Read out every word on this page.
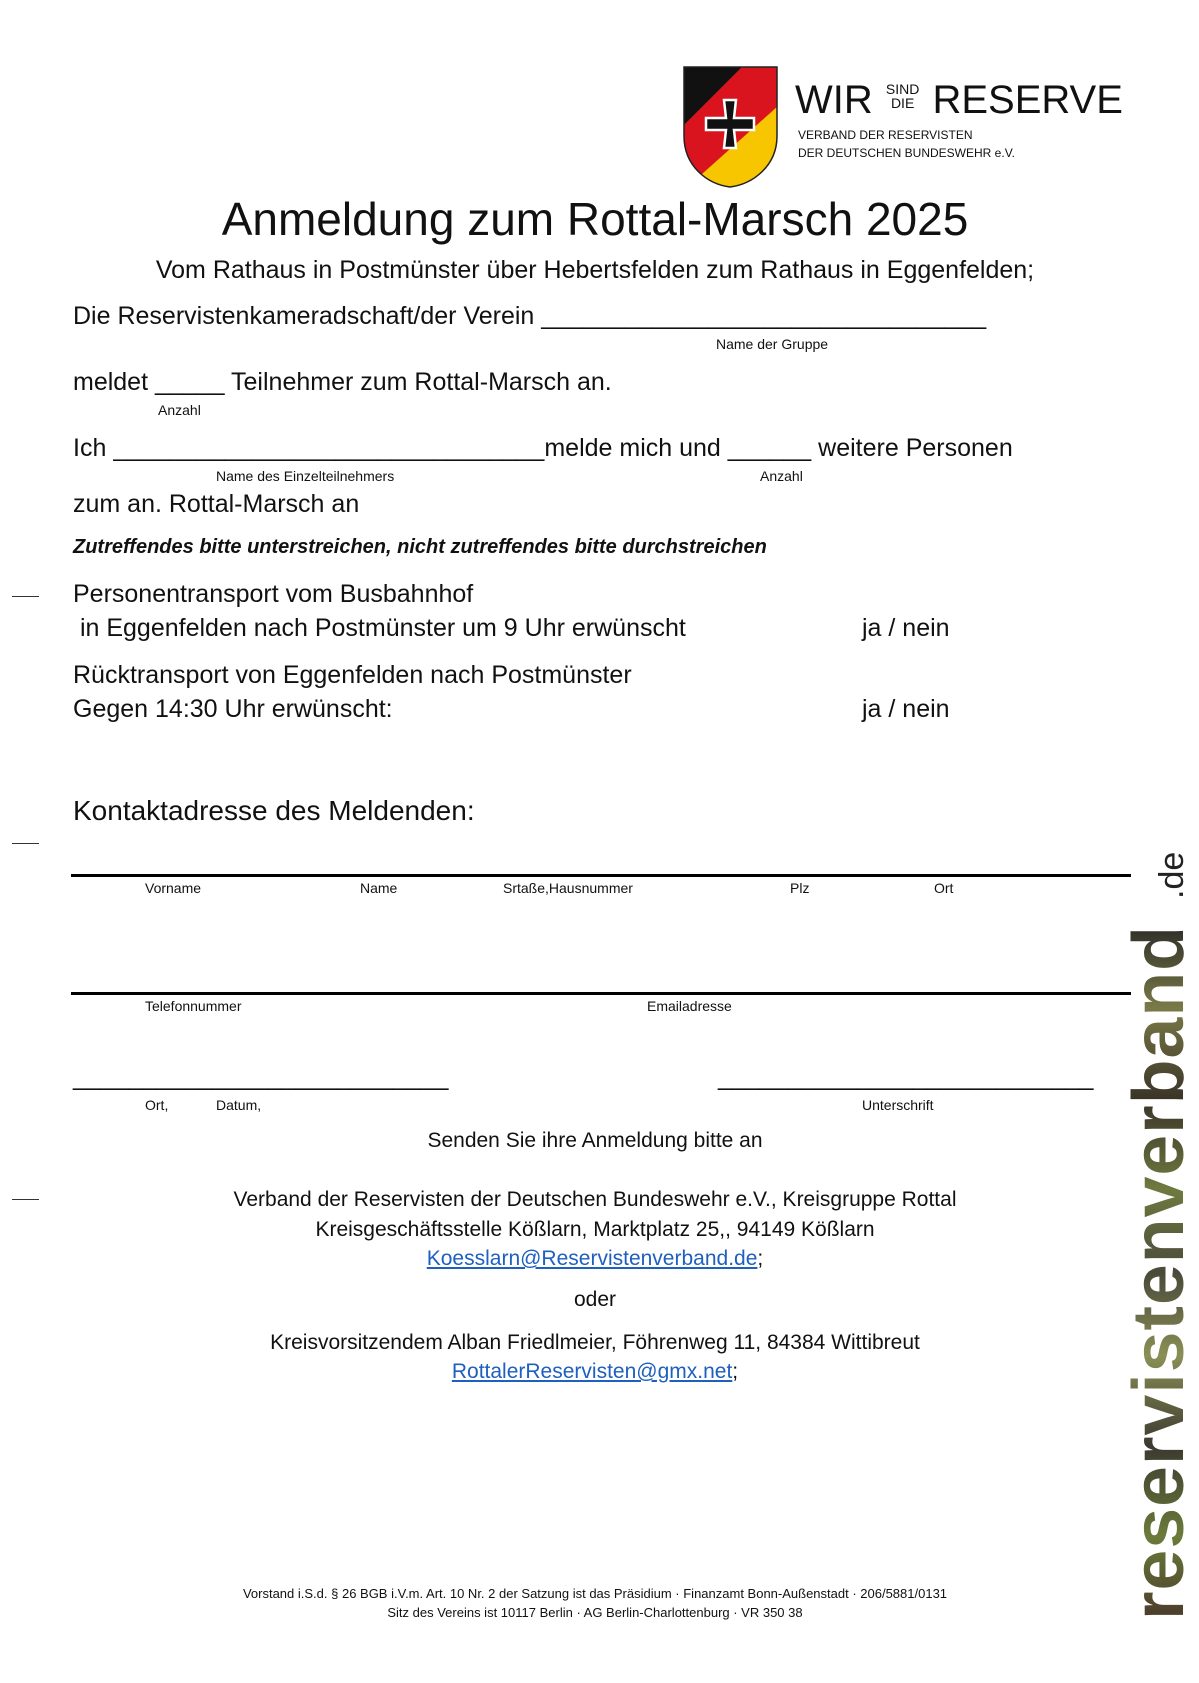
WIR SIND
DIE RESERVE
VERBAND DER RESERVISTEN
DER DEUTSCHEN BUNDESWEHR e.V.
Anmeldung zum Rottal-Marsch 2025
Vom Rathaus in Postmünster über Hebertsfelden zum Rathaus in Eggenfelden;
Die Reservistenkameradschaft/der Verein ________________________________
Name der Gruppe
meldet _____ Teilnehmer zum Rottal-Marsch an.
Anzahl
Ich _______________________________melde mich und ______ weitere Personen
Name des Einzelteilnehmers	Anzahl
zum an. Rottal-Marsch an
Zutreffendes bitte unterstreichen, nicht zutreffendes bitte durchstreichen
Personentransport vom Busbahnhof
in Eggenfelden nach Postmünster um 9 Uhr erwünscht	ja / nein
Rücktransport von Eggenfelden nach Postmünster
Gegen 14:30 Uhr erwünscht:	ja / nein
Kontaktadresse des Meldenden:
Vorname	Name	Srtaße,Hausnummer	Plz	Ort
Telefonnummer	Emailadresse
___________________________	___________________________
Ort,	Datum,	Unterschrift
Senden Sie ihre Anmeldung bitte an
Verband der Reservisten der Deutschen Bundeswehr e.V., Kreisgruppe Rottal
Kreisgeschäftsstelle Kößlarn, Marktplatz 25,, 94149 Kößlarn
Koesslarn@Reservistenverband.de;
oder
Kreisvorsitzendem Alban Friedlmeier, Föhrenweg 11, 84384 Wittibreut
RottalerReservisten@gmx.net;
Vorstand i.S.d. § 26 BGB i.V.m. Art. 10 Nr. 2 der Satzung ist das Präsidium · Finanzamt Bonn-Außenstadt · 206/5881/0131
Sitz des Vereins ist 10117 Berlin · AG Berlin-Charlottenburg · VR 350 38	reservistenverband
.de
